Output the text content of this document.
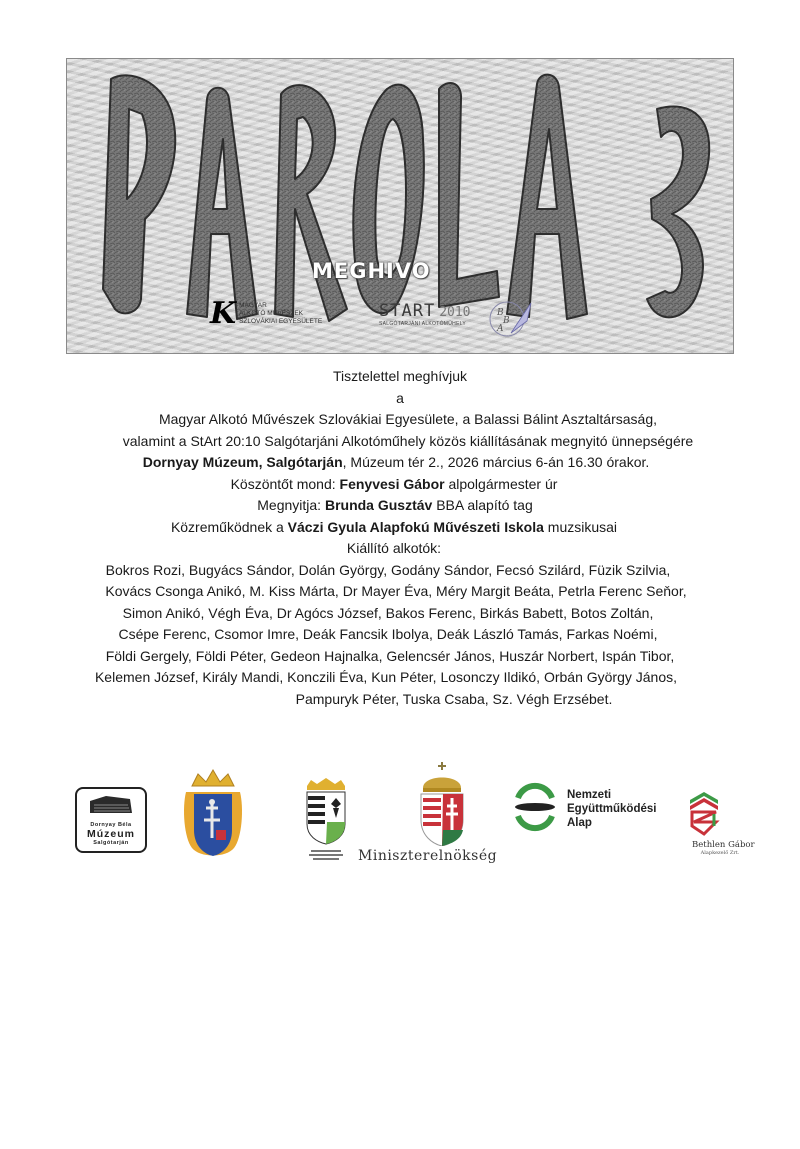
MEGHIVO
K MAGYAR
ALKOTÓ MŰVÉSZEK
SZLOVÁKIAI EGYESÜLETE
START 2010
SALGÓTARJÁNI ALKOTÓMŰHELY
B
B
A

Tisztelettel meghívjuk

a

Magyar Alkotó Művészek Szlovákiai Egyesülete, a Balassi Bálint Asztaltársaság,

valamint a StArt 20:10 Salgótarjáni Alkotóműhely közös kiállításának megnyitó ünnepségére

Dornyay Múzeum, Salgótarján, Múzeum tér 2., 2026 március 6-án 16.30 órakor.

Köszöntőt mond: Fenyvesi Gábor alpolgármester úr

Megnyitja: Brunda Gusztáv BBA alapító tag

Közreműködnek a Váczi Gyula Alapfokú Művészeti Iskola muzsikusai

Kiállító alkotók:

Bokros Rozi, Bugyács Sándor, Dolán György, Godány Sándor, Fecsó Szilárd, Füzik Szilvia,

Kovács Csonga Anikó, M. Kiss Márta, Dr Mayer Éva, Méry Margit Beáta, Petrla Ferenc Seňor,

Simon Anikó, Végh Éva, Dr Agócs József, Bakos Ferenc, Birkás Babett, Botos Zoltán,

Csépe Ferenc, Csomor Imre, Deák Fancsik Ibolya, Deák László Tamás, Farkas Noémi,

Földi Gergely, Földi Péter, Gedeon Hajnalka, Gelencsér János, Huszár Norbert, Ispán Tibor,

Kelemen József, Király Mandi, Konczili Éva, Kun Péter, Losonczy Ildikó, Orbán György János,

Pampuryk Péter, Tuska Csaba, Sz. Végh Erzsébet.

Dornyay Béla
Múzeum
Salgótarján
Miniszterelnökség
Nemzeti
Együttműködési
Alap
Bethlen Gábor
Alapkezelő Zrt.
